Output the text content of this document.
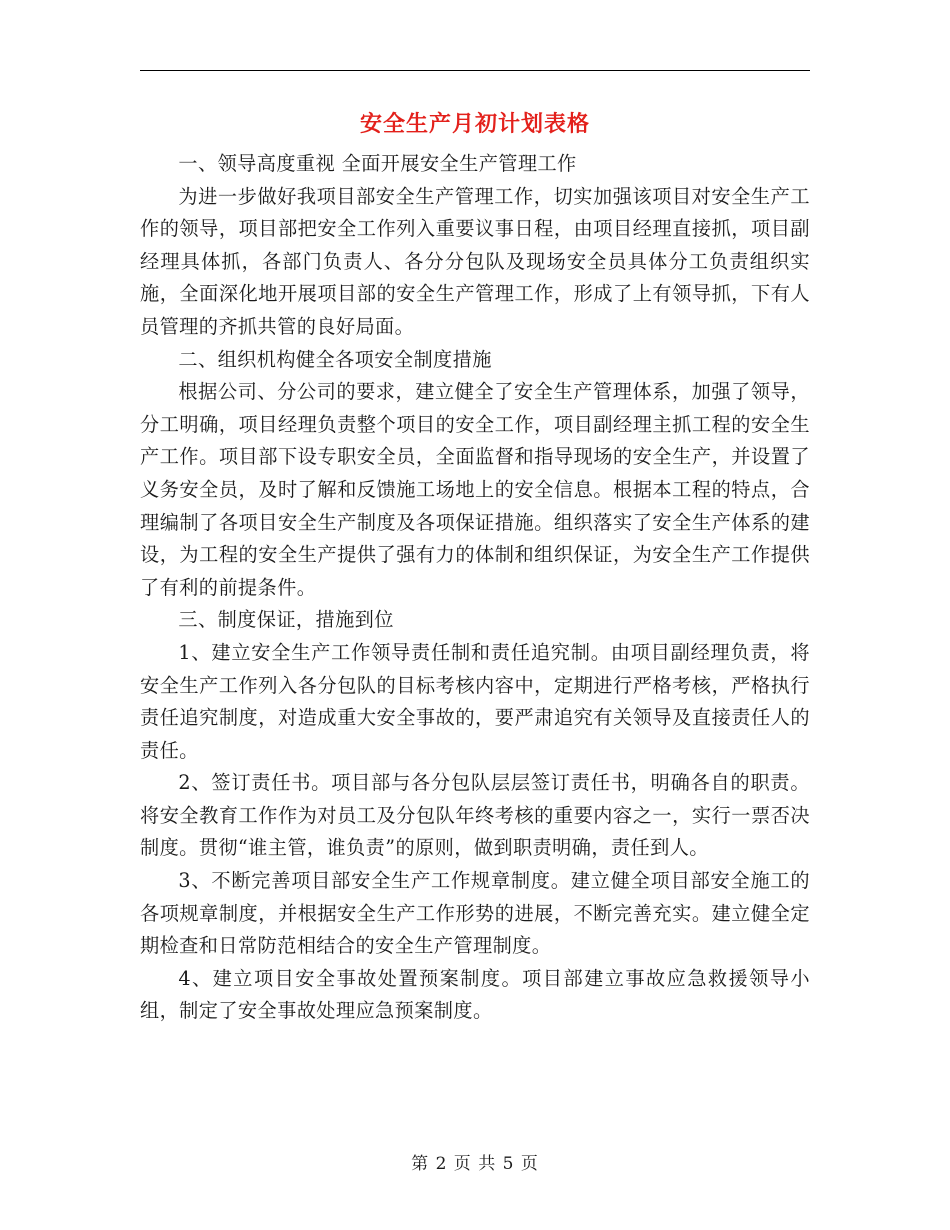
安全生产月初计划表格

一、领导高度重视 全面开展安全生产管理工作

为进一步做好我项目部安全生产管理工作，切实加强该项目对安全生产工作的领导，项目部把安全工作列入重要议事日程，由项目经理直接抓，项目副经理具体抓，各部门负责人、各分分包队及现场安全员具体分工负责组织实施，全面深化地开展项目部的安全生产管理工作，形成了上有领导抓，下有人员管理的齐抓共管的良好局面。

二、组织机构健全各项安全制度措施

根据公司、分公司的要求，建立健全了安全生产管理体系，加强了领导，分工明确，项目经理负责整个项目的安全工作，项目副经理主抓工程的安全生产工作。项目部下设专职安全员，全面监督和指导现场的安全生产，并设置了义务安全员，及时了解和反馈施工场地上的安全信息。根据本工程的特点，合理编制了各项目安全生产制度及各项保证措施。组织落实了安全生产体系的建设，为工程的安全生产提供了强有力的体制和组织保证，为安全生产工作提供了有利的前提条件。

三、制度保证，措施到位

1、建立安全生产工作领导责任制和责任追究制。由项目副经理负责，将安全生产工作列入各分包队的目标考核内容中，定期进行严格考核，严格执行责任追究制度，对造成重大安全事故的，要严肃追究有关领导及直接责任人的责任。

2、签订责任书。项目部与各分包队层层签订责任书，明确各自的职责。将安全教育工作作为对员工及分包队年终考核的重要内容之一，实行一票否决制度。贯彻“谁主管，谁负责”的原则，做到职责明确，责任到人。

3、不断完善项目部安全生产工作规章制度。建立健全项目部安全施工的各项规章制度，并根据安全生产工作形势的进展，不断完善充实。建立健全定期检查和日常防范相结合的安全生产管理制度。

4、建立项目安全事故处置预案制度。项目部建立事故应急救援领导小组，制定了安全事故处理应急预案制度。

第 2 页 共 5 页
